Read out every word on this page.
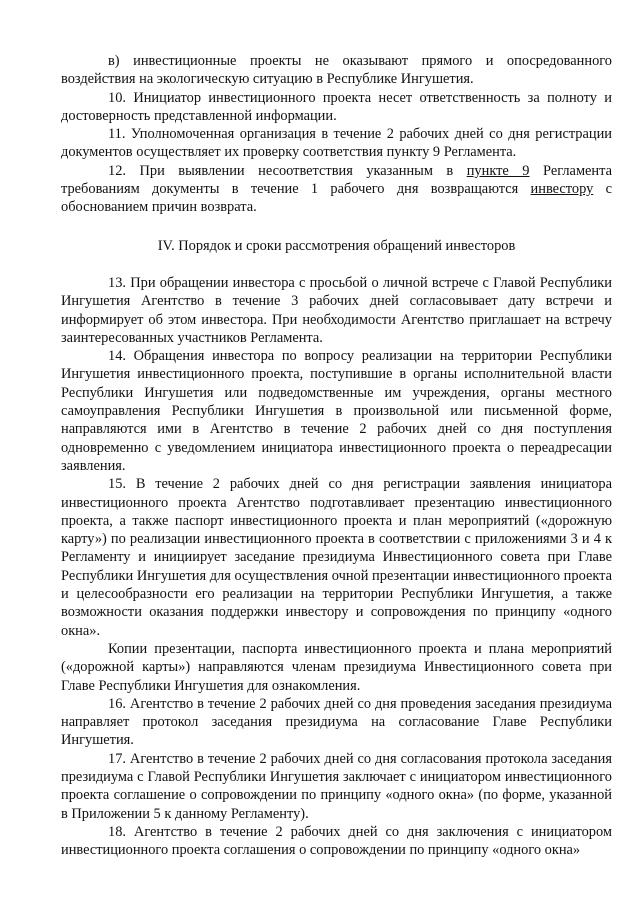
в) инвестиционные проекты не оказывают прямого и опосредованного воздействия на экологическую ситуацию в Республике Ингушетия.

10. Инициатор инвестиционного проекта несет ответственность за полноту и достоверность представленной информации.

11. Уполномоченная организация в течение 2 рабочих дней со дня регистрации документов осуществляет их проверку соответствия пункту 9 Регламента.

12. При выявлении несоответствия указанным в пункте 9 Регламента требованиям документы в течение 1 рабочего дня возвращаются инвестору с обоснованием причин возврата.

IV. Порядок и сроки рассмотрения обращений инвесторов

13. При обращении инвестора с просьбой о личной встрече с Главой Республики Ингушетия Агентство в течение 3 рабочих дней согласовывает дату встречи и информирует об этом инвестора. При необходимости Агентство приглашает на встречу заинтересованных участников Регламента.

14. Обращения инвестора по вопросу реализации на территории Республики Ингушетия инвестиционного проекта, поступившие в органы исполнительной власти Республики Ингушетия или подведомственные им учреждения, органы местного самоуправления Республики Ингушетия в произвольной или письменной форме, направляются ими в Агентство в течение 2 рабочих дней со дня поступления одновременно с уведомлением инициатора инвестиционного проекта о переадресации заявления.

15. В течение 2 рабочих дней со дня регистрации заявления инициатора инвестиционного проекта Агентство подготавливает презентацию инвестиционного проекта, а также паспорт инвестиционного проекта и план мероприятий («дорожную карту») по реализации инвестиционного проекта в соответствии с приложениями 3 и 4 к Регламенту и инициирует заседание президиума Инвестиционного совета при Главе Республики Ингушетия для осуществления очной презентации инвестиционного проекта и целесообразности его реализации на территории Республики Ингушетия, а также возможности оказания поддержки инвестору и сопровождения по принципу «одного окна».

Копии презентации, паспорта инвестиционного проекта и плана мероприятий («дорожной карты») направляются членам президиума Инвестиционного совета при Главе Республики Ингушетия для ознакомления.

16. Агентство в течение 2 рабочих дней со дня проведения заседания президиума направляет протокол заседания президиума на согласование Главе Республики Ингушетия.

17. Агентство в течение 2 рабочих дней со дня согласования протокола заседания президиума с Главой Республики Ингушетия заключает с инициатором инвестиционного проекта соглашение о сопровождении по принципу «одного окна» (по форме, указанной в Приложении 5 к данному Регламенту).

18. Агентство в течение 2 рабочих дней со дня заключения с инициатором инвестиционного проекта соглашения о сопровождении по принципу «одного окна»
